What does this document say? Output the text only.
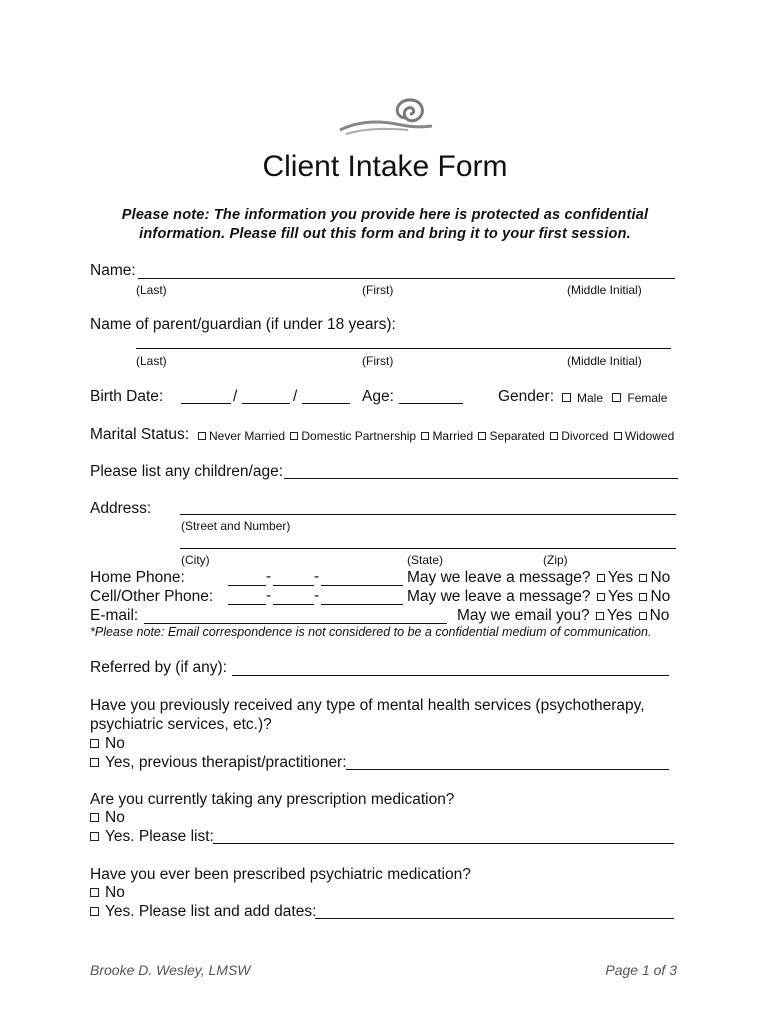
Client Intake Form
Please note: The information you provide here is protected as confidential
information. Please fill out this form and bring it to your first session.
Name:
(Last)	(First)	(Middle Initial)
Name of parent/guardian (if under 18 years):
(Last)	(First)	(Middle Initial)
Birth Date:	/	/	Age:	Gender:	Male Female
Marital Status:	Never Married Domestic Partnership Married Separated Divorced Widowed
Please list any children/age:
Address:
(Street and Number)
(City)	(State)	(Zip)
Home Phone:	-	-	May we leave a message? Yes No
Cell/Other Phone:	-	-	May we leave a message? Yes No
E-mail:	May we email you? Yes No
*Please note: Email correspondence is not considered to be a confidential medium of communication.
Referred by (if any):
Have you previously received any type of mental health services (psychotherapy,
psychiatric services, etc.)?
No
Yes, previous therapist/practitioner:
Are you currently taking any prescription medication?
No
Yes. Please list:
Have you ever been prescribed psychiatric medication?
No
Yes. Please list and add dates:
Brooke D. Wesley, LMSW	Page 1 of 3
